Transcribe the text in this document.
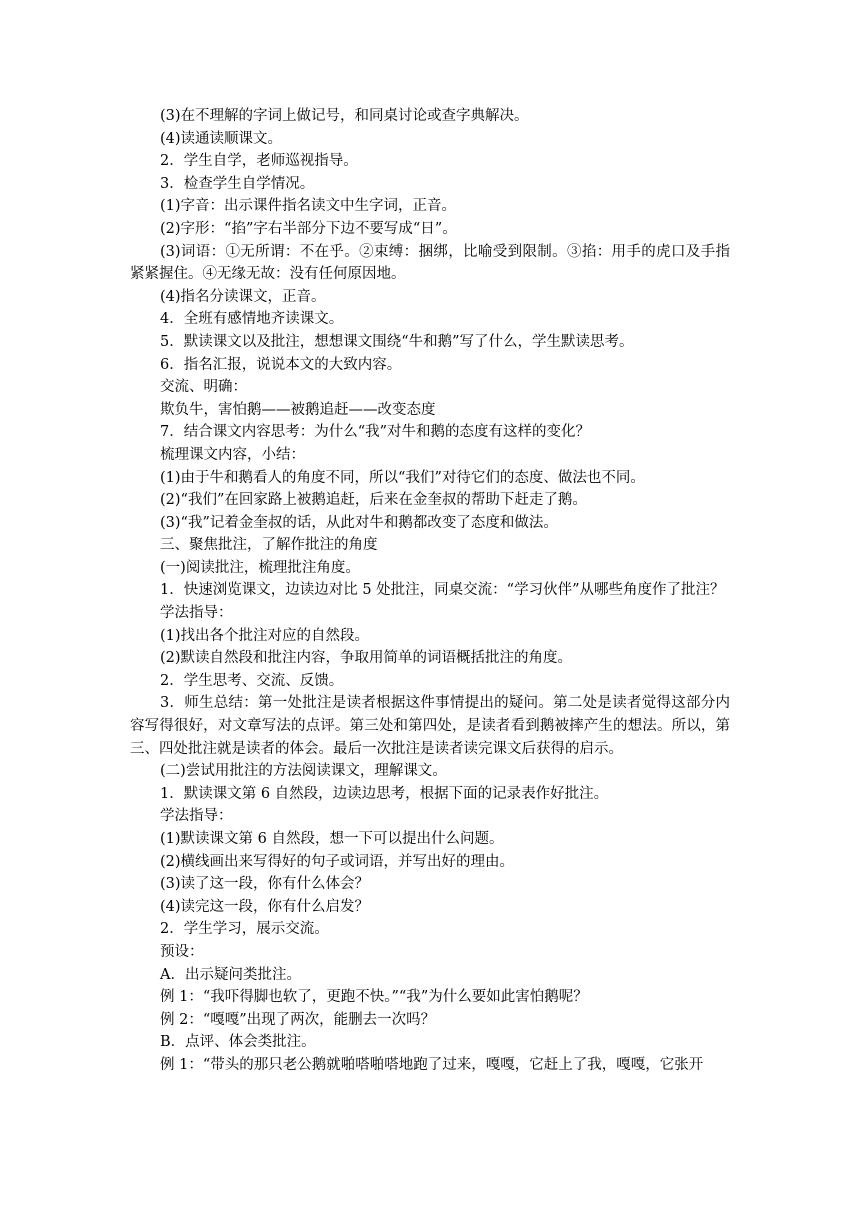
(3)在不理解的字词上做记号，和同桌讨论或查字典解决。

(4)读通读顺课文。

2．学生自学，老师巡视指导。

3．检查学生自学情况。

(1)字音：出示课件指名读文中生字词，正音。

(2)字形：“掐”字右半部分下边不要写成“日”。

(3)词语：①无所谓：不在乎。②束缚：捆绑，比喻受到限制。③掐：用手的虎口及手指紧紧握住。④无缘无故：没有任何原因地。

(4)指名分读课文，正音。

4．全班有感情地齐读课文。

5．默读课文以及批注，想想课文围绕“牛和鹅”写了什么，学生默读思考。

6．指名汇报，说说本文的大致内容。

交流、明确：

欺负牛，害怕鹅——被鹅追赶——改变态度

7．结合课文内容思考：为什么“我”对牛和鹅的态度有这样的变化？

梳理课文内容，小结：

(1)由于牛和鹅看人的角度不同，所以“我们”对待它们的态度、做法也不同。

(2)“我们”在回家路上被鹅追赶，后来在金奎叔的帮助下赶走了鹅。

(3)“我”记着金奎叔的话，从此对牛和鹅都改变了态度和做法。

三、聚焦批注，了解作批注的角度

(一)阅读批注，梳理批注角度。

1．快速浏览课文，边读边对比 5 处批注，同桌交流：“学习伙伴”从哪些角度作了批注？

学法指导：

(1)找出各个批注对应的自然段。

(2)默读自然段和批注内容，争取用简单的词语概括批注的角度。

2．学生思考、交流、反馈。

3．师生总结：第一处批注是读者根据这件事情提出的疑问。第二处是读者觉得这部分内容写得很好，对文章写法的点评。第三处和第四处，是读者看到鹅被摔产生的想法。所以，第三、四处批注就是读者的体会。最后一次批注是读者读完课文后获得的启示。

(二)尝试用批注的方法阅读课文，理解课文。

1．默读课文第 6 自然段，边读边思考，根据下面的记录表作好批注。

学法指导：

(1)默读课文第 6 自然段，想一下可以提出什么问题。

(2)横线画出来写得好的句子或词语，并写出好的理由。

(3)读了这一段，你有什么体会？

(4)读完这一段，你有什么启发？

2．学生学习，展示交流。

预设：

A．出示疑问类批注。

例 1：“我吓得脚也软了，更跑不快。”“我”为什么要如此害怕鹅呢？

例 2：“嘎嘎”出现了两次，能删去一次吗？

B．点评、体会类批注。

例 1：“带头的那只老公鹅就啪嗒啪嗒地跑了过来，嘎嘎，它赶上了我，嘎嘎，它张开
